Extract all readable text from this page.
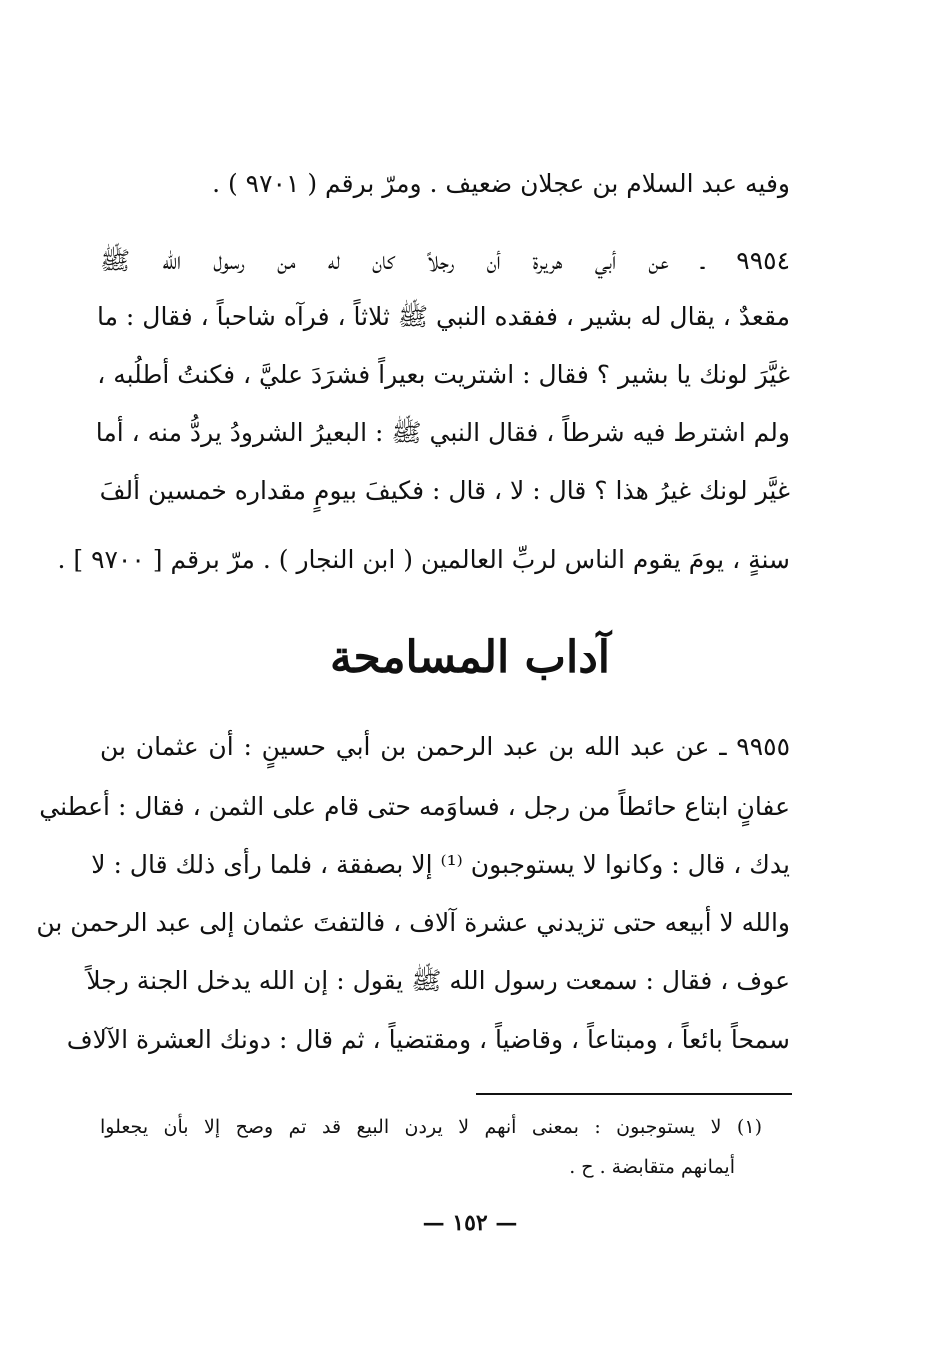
وفيه عبد السلام بن عجلان ضعيف . ومرّ برقم ( ٩٧٠١ ) .
٩٩٥٤ ـ عن أبي هريرة أن رجلاً كان له من رسول الله ﷺ
مقعدٌ ، يقال له بشير ، ففقده النبي ﷺ ثلاثاً ، فرآه شاحباً ، فقال : ما
غيَّرَ لونك يا بشير ؟ فقال : اشتريت بعيراً فشرَدَ عليَّ ، فكنتُ أطلُبه ،
ولم اشترط فيه شرطاً ، فقال النبي ﷺ : البعيرُ الشرودُ يردُّ منه ، أما
غيَّر لونك غيرُ هذا ؟ قال : لا ، قال : فكيفَ بيومٍ مقداره خمسين ألفَ
سنةٍ ، يومَ يقوم الناس لربِّ العالمين ( ابن النجار ) . مرّ برقم [ ٩٧٠٠ ] .
آداب المسامحة
٩٩٥٥ ـ عن عبد الله بن عبد الرحمن بن أبي حسينٍ : أن عثمان بن
عفانٍ ابتاع حائطاً من رجل ، فساوَمه حتى قام على الثمن ، فقال : أعطني
يدك ، قال : وكانوا لا يستوجبون ⁽¹⁾ إلا بصفقة ، فلما رأى ذلك قال : لا
والله لا أبيعه حتى تزيدني عشرة آلاف ، فالتفتَ عثمان إلى عبد الرحمن بن
عوف ، فقال : سمعت رسول الله ﷺ يقول : إن الله يدخل الجنة رجلاً
سمحاً بائعاً ، ومبتاعاً ، وقاضياً ، ومقتضياً ، ثم قال : دونك العشرة الآلاف
(١) لا يستوجبون : بمعنى أنهم لا يردن البيع قد تم وصح إلا بأن يجعلوا
أيمانهم متقابضة . ح .
— ١٥٢ —
